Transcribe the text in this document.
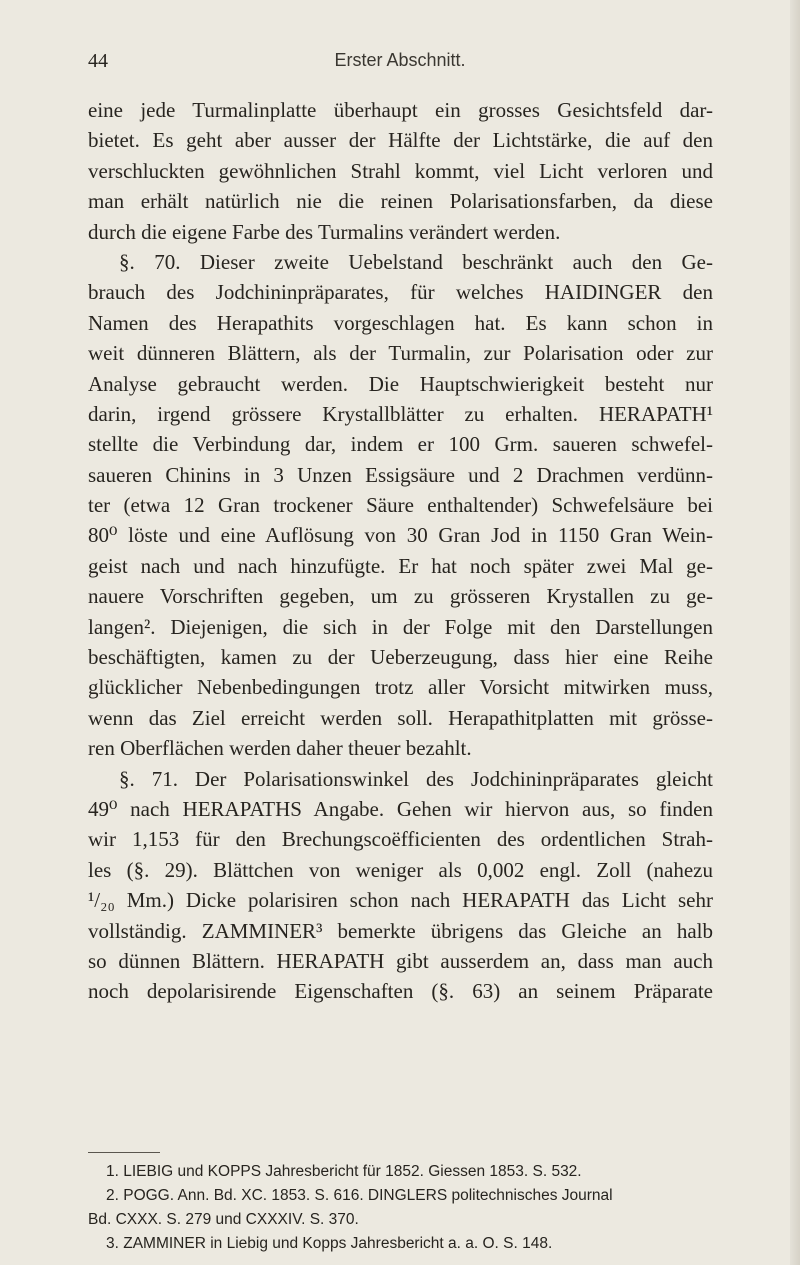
44	Erster Abschnitt.
eine jede Turmalinplatte überhaupt ein grosses Gesichtsfeld dar-
bietet. Es geht aber ausser der Hälfte der Lichtstärke, die auf den
verschluckten gewöhnlichen Strahl kommt, viel Licht verloren und
man erhält natürlich nie die reinen Polarisationsfarben, da diese
durch die eigene Farbe des Turmalins verändert werden.
§. 70. Dieser zweite Uebelstand beschränkt auch den Ge-
brauch des Jodchininpräparates, für welches HAIDINGER den
Namen des Herapathits vorgeschlagen hat. Es kann schon in
weit dünneren Blättern, als der Turmalin, zur Polarisation oder zur
Analyse gebraucht werden. Die Hauptschwierigkeit besteht nur
darin, irgend grössere Krystallblätter zu erhalten. HERAPATH¹
stellte die Verbindung dar, indem er 100 Grm. saueren schwefel-
saueren Chinins in 3 Unzen Essigsäure und 2 Drachmen verdünn-
ter (etwa 12 Gran trockener Säure enthaltender) Schwefelsäure bei
80⁰ löste und eine Auflösung von 30 Gran Jod in 1150 Gran Wein-
geist nach und nach hinzufügte. Er hat noch später zwei Mal ge-
nauere Vorschriften gegeben, um zu grösseren Krystallen zu ge-
langen². Diejenigen, die sich in der Folge mit den Darstellungen
beschäftigten, kamen zu der Ueberzeugung, dass hier eine Reihe
glücklicher Nebenbedingungen trotz aller Vorsicht mitwirken muss,
wenn das Ziel erreicht werden soll. Herapathitplatten mit grösse-
ren Oberflächen werden daher theuer bezahlt.
§. 71. Der Polarisationswinkel des Jodchininpräparates gleicht
49⁰ nach HERAPATHS Angabe. Gehen wir hiervon aus, so finden
wir 1,153 für den Brechungscoëfficienten des ordentlichen Strah-
les (§. 29). Blättchen von weniger als 0,002 engl. Zoll (nahezu
¹/₂₀ Mm.) Dicke polarisiren schon nach HERAPATH das Licht sehr
vollständig. ZAMMINER³ bemerkte übrigens das Gleiche an halb
so dünnen Blättern. HERAPATH gibt ausserdem an, dass man auch
noch depolarisirende Eigenschaften (§. 63) an seinem Präparate
1. LIEBIG und KOPPS Jahresbericht für 1852. Giessen 1853. S. 532.
2. POGG. Ann. Bd. XC. 1853. S. 616. DINGLERS politechnisches Journal
Bd. CXXX. S. 279 und CXXXIV. S. 370.
3. ZAMMINER in Liebig und Kopps Jahresbericht a. a. O. S. 148.
